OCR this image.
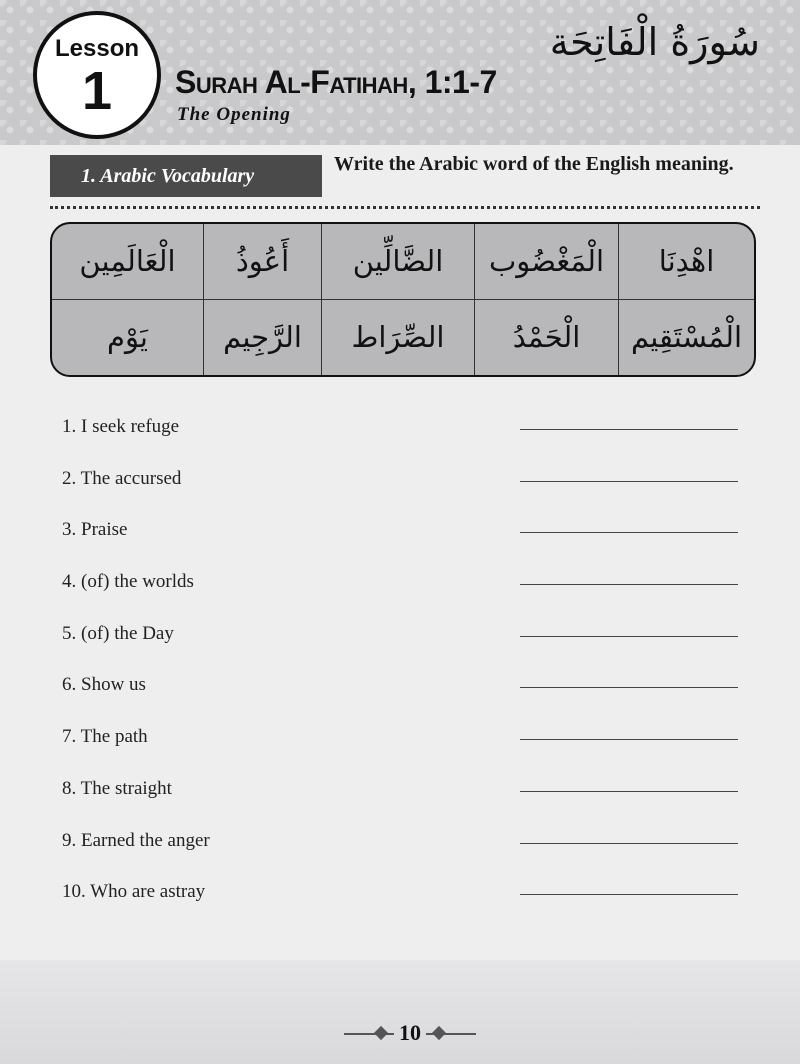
Lesson
1	Surah Al-Fatihah, 1:1-7
The Opening
سُورَةُ الْفَاتِحَة
1. Arabic Vocabulary
Write the Arabic word of the English meaning.
الْعَالَمِين	أَعُوذُ	الضَّالِّين	الْمَغْضُوب	اهْدِنَا
يَوْم	الرَّجِيم	الصِّرَاط	الْحَمْدُ	الْمُسْتَقِيم
1. I seek refuge
2. The accursed
3. Praise
4. (of) the worlds
5. (of) the Day
6. Show us
7. The path
8. The straight
9. Earned the anger
10. Who are astray
10
